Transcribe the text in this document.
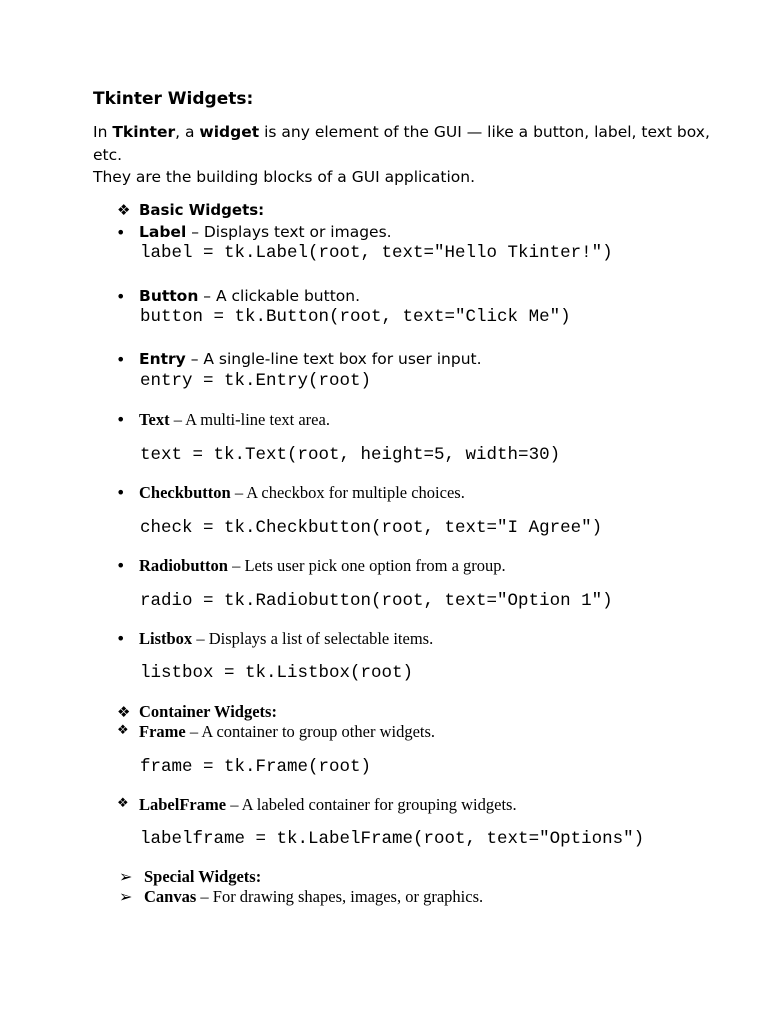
Tkinter Widgets:
In Tkinter, a widget is any element of the GUI — like a button, label, text box,
etc.
They are the building blocks of a GUI application.
❖ Basic Widgets:
• Label – Displays text or images.
label = tk.Label(root, text="Hello Tkinter!")
• Button – A clickable button.
button = tk.Button(root, text="Click Me")
• Entry – A single-line text box for user input.
entry = tk.Entry(root)
• Text – A multi-line text area.
text = tk.Text(root, height=5, width=30)
• Checkbutton – A checkbox for multiple choices.
check = tk.Checkbutton(root, text="I Agree")
• Radiobutton – Lets user pick one option from a group.
radio = tk.Radiobutton(root, text="Option 1")
• Listbox – Displays a list of selectable items.
listbox = tk.Listbox(root)
❖ Container Widgets:
❖ Frame – A container to group other widgets.
frame = tk.Frame(root)
❖ LabelFrame – A labeled container for grouping widgets.
labelframe = tk.LabelFrame(root, text="Options")
➢ Special Widgets:
➢ Canvas – For drawing shapes, images, or graphics.
